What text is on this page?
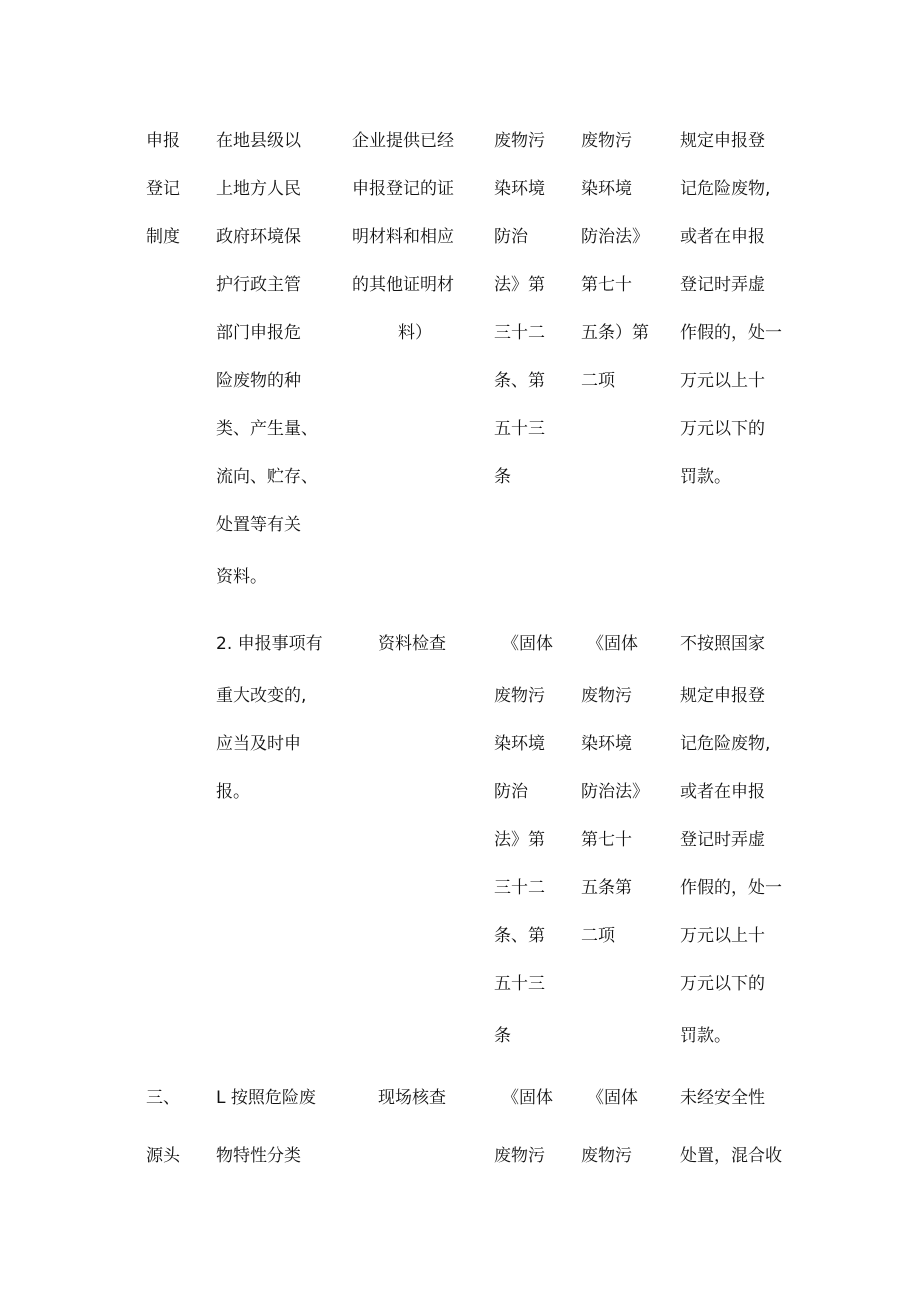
申报
登记
制度
在地县级以
上地方人民
政府环境保
护行政主管
部门申报危
险废物的种
类、产生量、
流向、贮存、
处置等有关
资料。
企业提供已经
申报登记的证
明材料和相应
的其他证明材
料）
废物污
染环境
防治
法》第
三十二
条、第
五十三
条
废物污
染环境
防治法》
第七十
五条）第
二项
规定申报登
记危险废物,
或者在申报
登记时弄虚
作假的，处一
万元以上十
万元以下的
罚款。
2. 申报事项有
重大改变的,
应当及时申
报。
资料检查	《固体
废物污
染环境
防治
法》第
三十二
条、第
五十三
条
《固体
废物污
染环境
防治法》
第七十
五条第
二项
不按照国家
规定申报登
记危险废物,
或者在申报
登记时弄虚
作假的，处一
万元以上十
万元以下的
罚款。
三、
源头
L 按照危险废
物特性分类
现场核查	《固体
废物污
《固体
废物污
未经安全性
处置，混合收
